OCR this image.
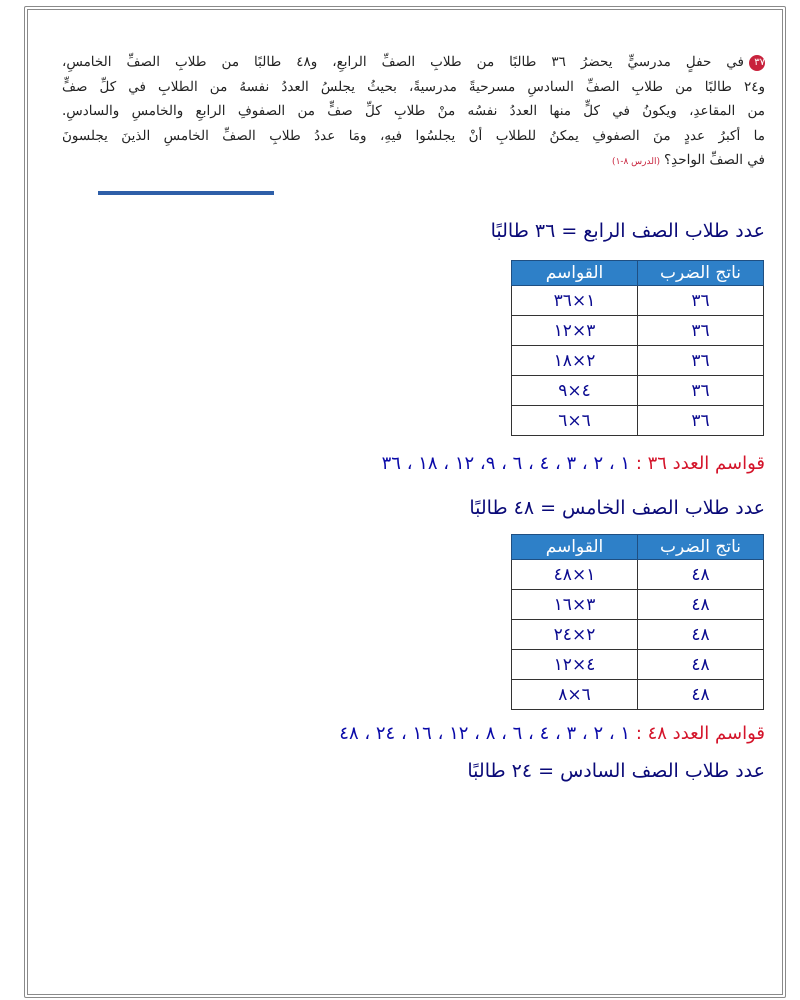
٣٧في حفلٍ مدرسيٍّ يحضرُ ٣٦ طالبًا من طلابِ الصفِّ الرابعِ، و٤٨ طالبًا من طلابِ الصفِّ الخامسِ،
و٢٤ طالبًا من طلابِ الصفِّ السادسِ مسرحيةً مدرسيةً، بحيثُ يجلسُ العددُ نفسهُ من الطلابِ في كلِّ صفٍّ
من المقاعدِ، ويكونُ في كلٍّ منها العددُ نفسُه منْ طلابِ كلِّ صفٍّ من الصفوفِ الرابعِ والخامسِ والسادسِ.
ما أكبرُ عددٍ منَ الصفوفِ يمكنُ للطلابِ أنْ يجلسُوا فيهِ، ومَا عددُ طلابِ الصفِّ الخامسِ الذينَ يجلسونَ
في الصفِّ الواحدِ؟(الدرس ٨-١)
عدد طلاب الصف الرابع = ٣٦ طالبًا
ناتج الضرب	القواسم
٣٦	١×٣٦
٣٦	٣×١٢
٣٦	٢×١٨
٣٦	٤×٩
٣٦	٦×٦
قواسم العدد ٣٦ : ١ ، ٢ ، ٣ ، ٤ ، ٦ ، ٩، ١٢ ، ١٨ ، ٣٦
عدد طلاب الصف الخامس = ٤٨ طالبًا
ناتج الضرب	القواسم
٤٨	١×٤٨
٤٨	٣×١٦
٤٨	٢×٢٤
٤٨	٤×١٢
٤٨	٦×٨
قواسم العدد ٤٨ : ١ ، ٢ ، ٣ ، ٤ ، ٦ ، ٨ ، ١٢ ، ١٦ ، ٢٤ ، ٤٨
عدد طلاب الصف السادس = ٢٤ طالبًا
